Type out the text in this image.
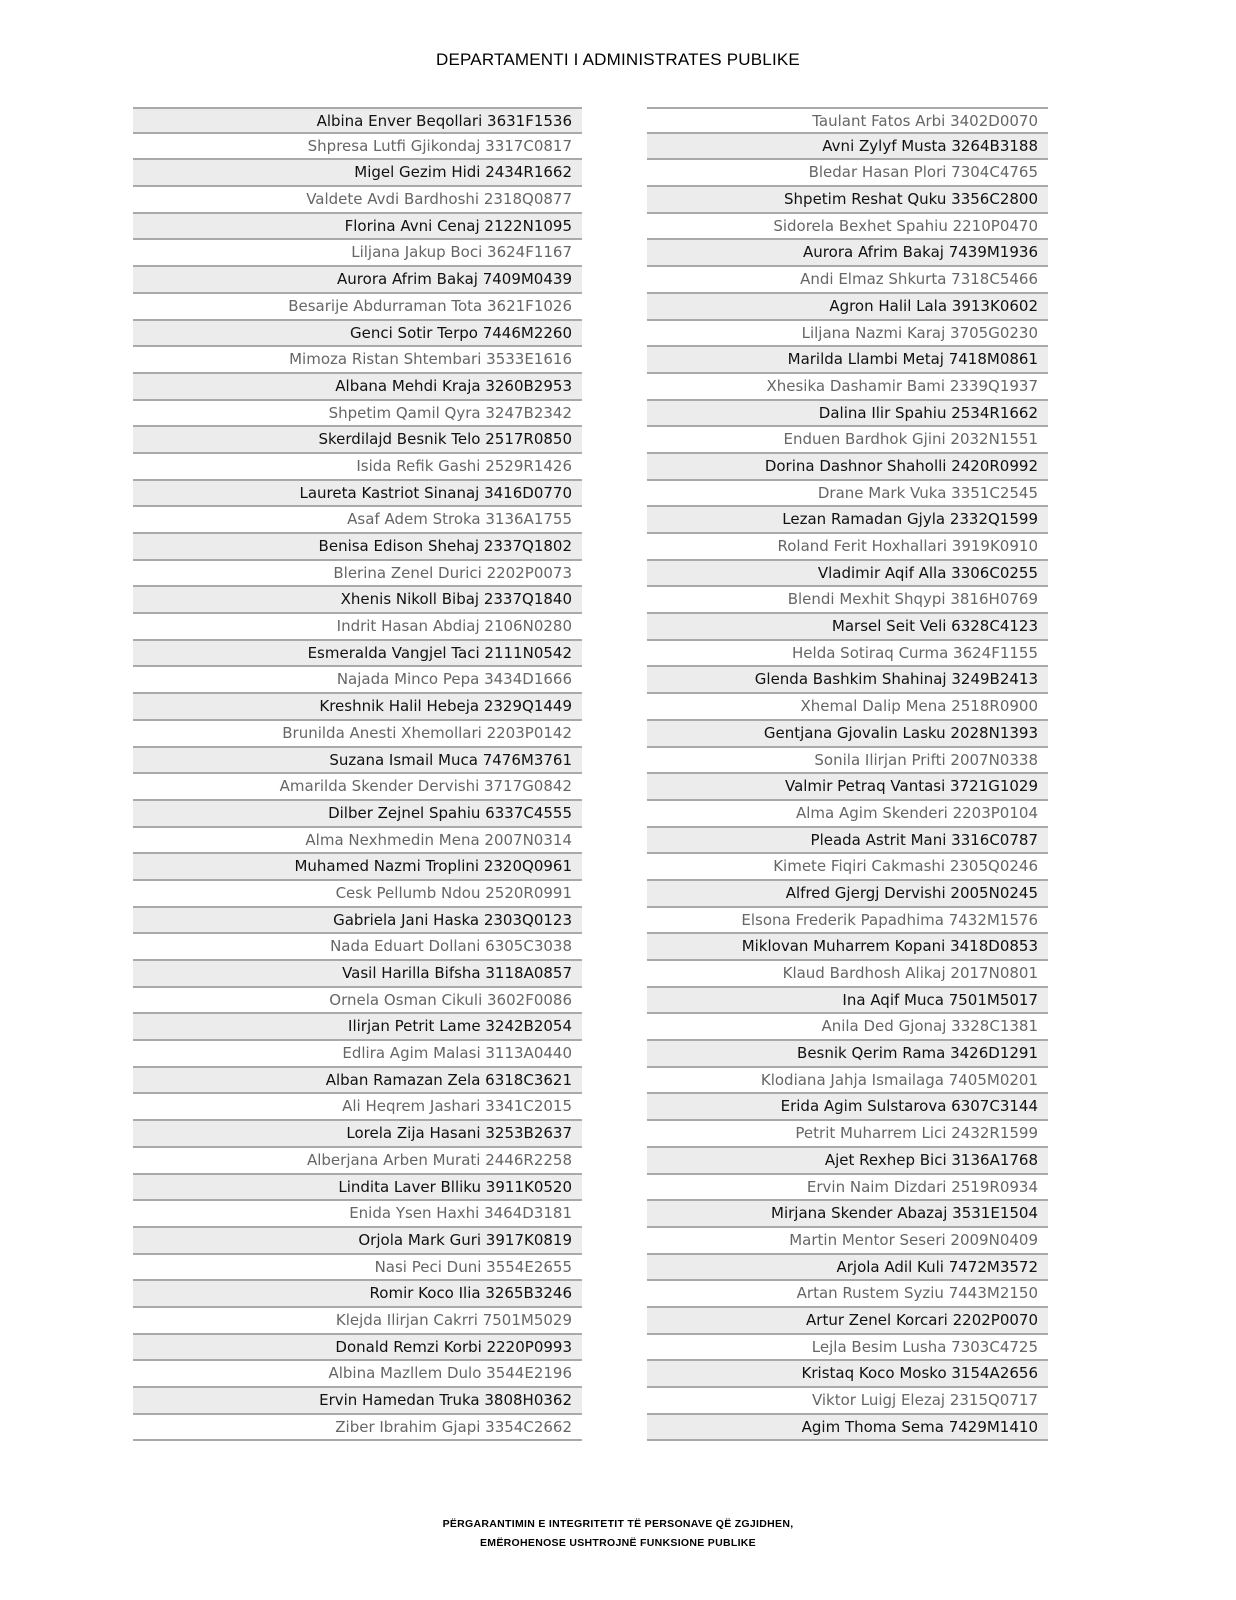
DEPARTAMENTI I ADMINISTRATES PUBLIKE
Albina Enver Beqollari 3631F1536
Shpresa Lutfi Gjikondaj 3317C0817
Migel Gezim Hidi 2434R1662
Valdete Avdi Bardhoshi 2318Q0877
Florina Avni Cenaj 2122N1095
Liljana Jakup Boci 3624F1167
Aurora Afrim Bakaj 7409M0439
Besarije Abdurraman Tota 3621F1026
Genci Sotir Terpo 7446M2260
Mimoza Ristan Shtembari 3533E1616
Albana Mehdi Kraja 3260B2953
Shpetim Qamil Qyra 3247B2342
Skerdilajd Besnik Telo 2517R0850
Isida Refik Gashi 2529R1426
Laureta Kastriot Sinanaj 3416D0770
Asaf Adem Stroka 3136A1755
Benisa Edison Shehaj 2337Q1802
Blerina Zenel Durici 2202P0073
Xhenis Nikoll Bibaj 2337Q1840
Indrit Hasan Abdiaj 2106N0280
Esmeralda Vangjel Taci 2111N0542
Najada Minco Pepa 3434D1666
Kreshnik Halil Hebeja 2329Q1449
Brunilda Anesti Xhemollari 2203P0142
Suzana Ismail Muca 7476M3761
Amarilda Skender Dervishi 3717G0842
Dilber Zejnel Spahiu 6337C4555
Alma Nexhmedin Mena 2007N0314
Muhamed Nazmi Troplini 2320Q0961
Cesk Pellumb Ndou 2520R0991
Gabriela Jani Haska 2303Q0123
Nada Eduart Dollani 6305C3038
Vasil Harilla Bifsha 3118A0857
Ornela Osman Cikuli 3602F0086
Ilirjan Petrit Lame 3242B2054
Edlira Agim Malasi 3113A0440
Alban Ramazan Zela 6318C3621
Ali Heqrem Jashari 3341C2015
Lorela Zija Hasani 3253B2637
Alberjana Arben Murati 2446R2258
Lindita Laver Blliku 3911K0520
Enida Ysen Haxhi 3464D3181
Orjola Mark Guri 3917K0819
Nasi Peci Duni 3554E2655
Romir Koco Ilia 3265B3246
Klejda Ilirjan Cakrri 7501M5029
Donald Remzi Korbi 2220P0993
Albina Mazllem Dulo 3544E2196
Ervin Hamedan Truka 3808H0362
Ziber Ibrahim Gjapi 3354C2662
Taulant Fatos Arbi 3402D0070
Avni Zylyf Musta 3264B3188
Bledar Hasan Plori 7304C4765
Shpetim Reshat Quku 3356C2800
Sidorela Bexhet Spahiu 2210P0470
Aurora Afrim Bakaj 7439M1936
Andi Elmaz Shkurta 7318C5466
Agron Halil Lala 3913K0602
Liljana Nazmi Karaj 3705G0230
Marilda Llambi Metaj 7418M0861
Xhesika Dashamir Bami 2339Q1937
Dalina Ilir Spahiu 2534R1662
Enduen Bardhok Gjini 2032N1551
Dorina Dashnor Shaholli 2420R0992
Drane Mark Vuka 3351C2545
Lezan Ramadan Gjyla 2332Q1599
Roland Ferit Hoxhallari 3919K0910
Vladimir Aqif Alla 3306C0255
Blendi Mexhit Shqypi 3816H0769
Marsel Seit Veli 6328C4123
Helda Sotiraq Curma 3624F1155
Glenda Bashkim Shahinaj 3249B2413
Xhemal Dalip Mena 2518R0900
Gentjana Gjovalin Lasku 2028N1393
Sonila Ilirjan Prifti 2007N0338
Valmir Petraq Vantasi 3721G1029
Alma Agim Skenderi 2203P0104
Pleada Astrit Mani 3316C0787
Kimete Fiqiri Cakmashi 2305Q0246
Alfred Gjergj Dervishi 2005N0245
Elsona Frederik Papadhima 7432M1576
Miklovan Muharrem Kopani 3418D0853
Klaud Bardhosh Alikaj 2017N0801
Ina Aqif Muca 7501M5017
Anila Ded Gjonaj 3328C1381
Besnik Qerim Rama 3426D1291
Klodiana Jahja Ismailaga 7405M0201
Erida Agim Sulstarova 6307C3144
Petrit Muharrem Lici 2432R1599
Ajet Rexhep Bici 3136A1768
Ervin Naim Dizdari 2519R0934
Mirjana Skender Abazaj 3531E1504
Martin Mentor Seseri 2009N0409
Arjola Adil Kuli 7472M3572
Artan Rustem Syziu 7443M2150
Artur Zenel Korcari 2202P0070
Lejla Besim Lusha 7303C4725
Kristaq Koco Mosko 3154A2656
Viktor Luigj Elezaj 2315Q0717
Agim Thoma Sema 7429M1410
PËRGARANTIMIN E INTEGRITETIT TË PERSONAVE QË ZGJIDHEN,
EMËROHENOSE USHTROJNË FUNKSIONE PUBLIKE
